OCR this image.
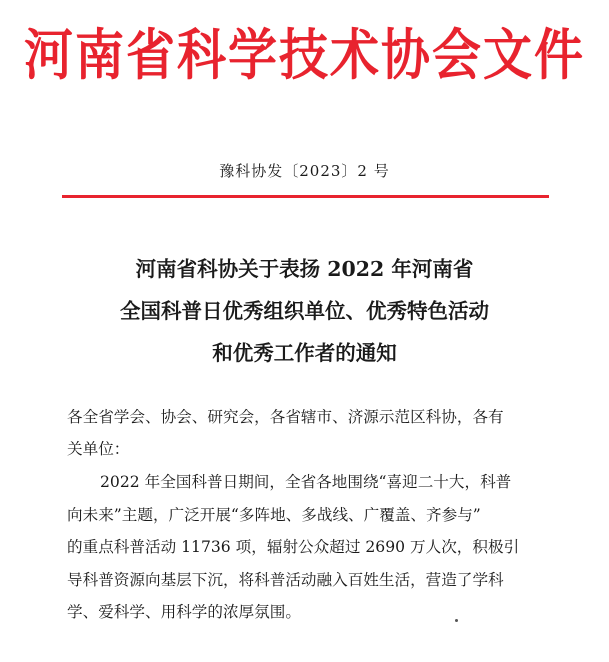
河南省科学技术协会文件
豫科协发〔2023〕2 号
河南省科协关于表扬 2022 年河南省
全国科普日优秀组织单位、优秀特色活动
和优秀工作者的通知
各全省学会、协会、研究会，各省辖市、济源示范区科协，各有
关单位：
2022 年全国科普日期间，全省各地围绕“喜迎二十大，科普
向未来”主题，广泛开展“多阵地、多战线、广覆盖、齐参与”
的重点科普活动 11736 项，辐射公众超过 2690 万人次，积极引
导科普资源向基层下沉，将科普活动融入百姓生活，营造了学科
学、爱科学、用科学的浓厚氛围。
